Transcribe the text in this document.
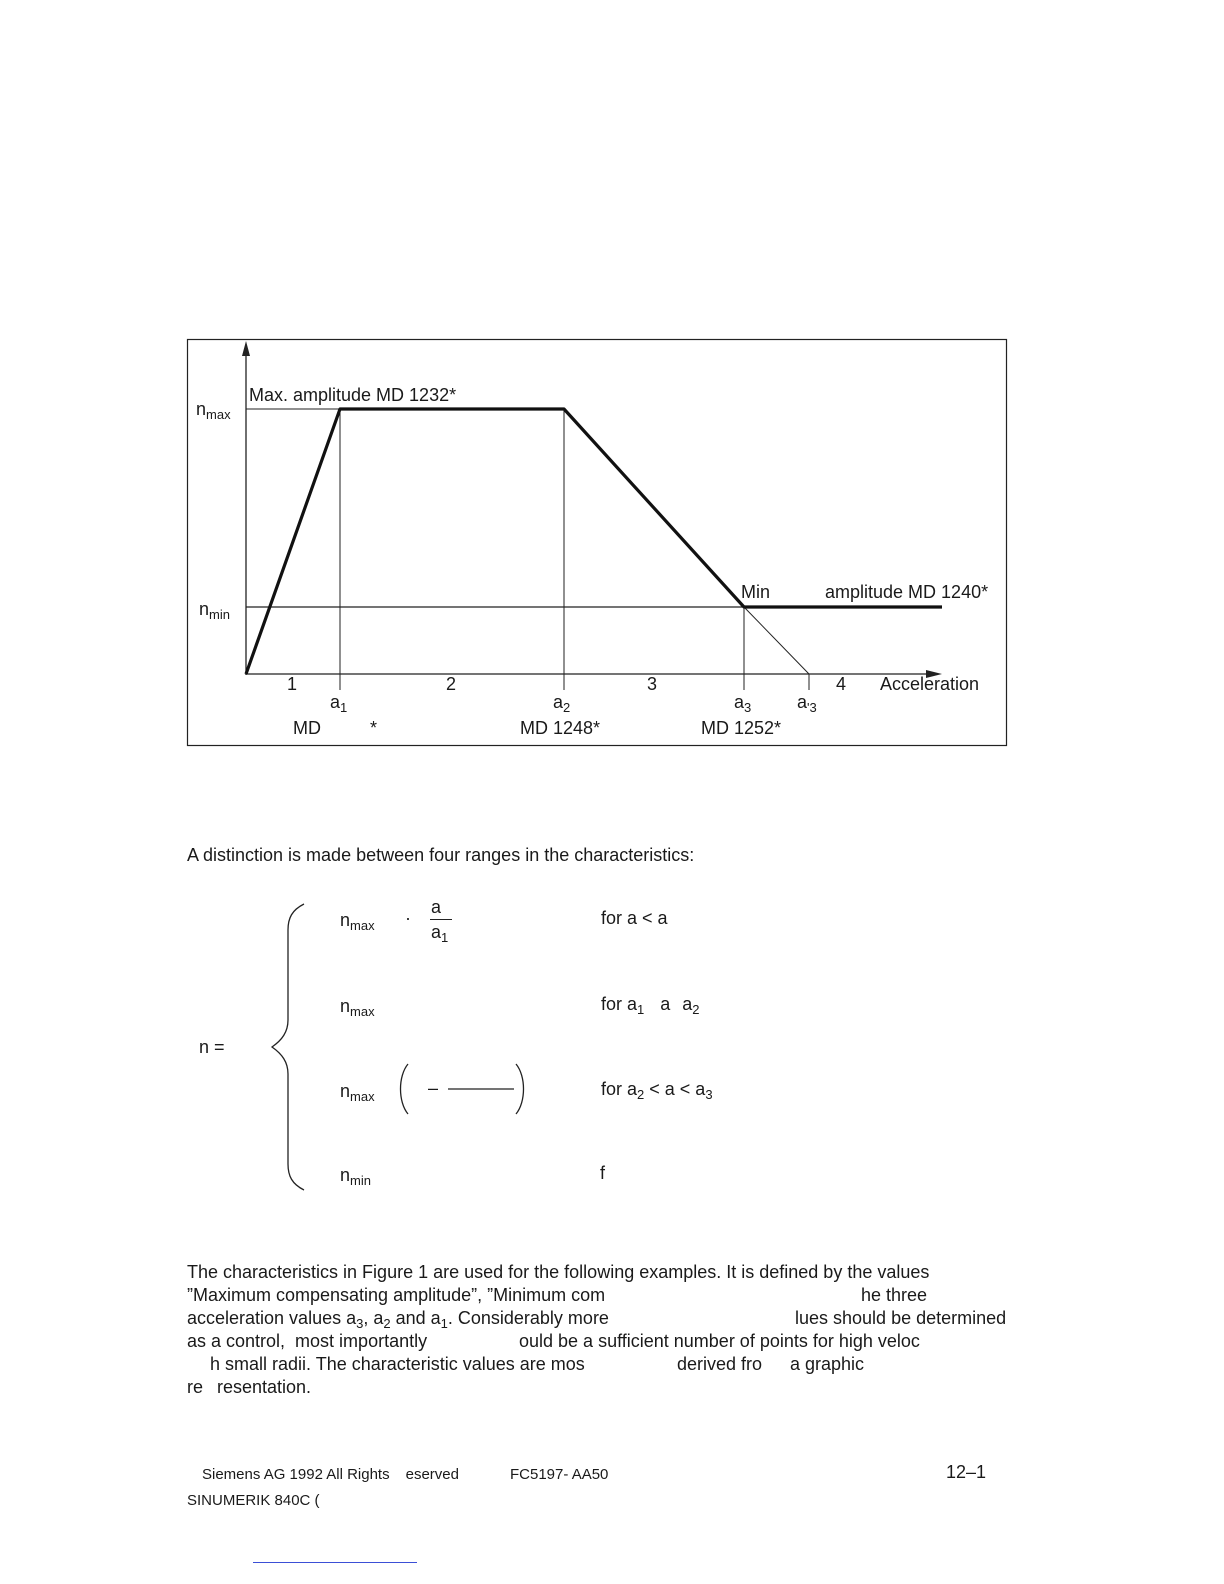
$n_{max}$
$n_{min}$
Max. amplitude MD 1232*
Min	amplitude MD 1240*
1	2	3	4 Acceleration
$a_1$	$a_2$	$a_3$	$a_{'3}$
MD	*	MD 1248*	MD 1252*
A distinction is made between four ranges in the characteristics:
n =
$n_{max}$ ·
a
$a_1$
for a < a
$n_{max}$	for $a_1$ a $a_2$
$n_{max}$	–	for $a_2 < a < a_3$
$n_{min}$	f
The characteristics in Figure 1 are used for the following examples. It is defined by the values
”Maximum compensating amplitude”, ”Minimum com	he three
acceleration values $a_3$, $a_2$ and $a_1$. Considerably more	lues should be determined
as a control,  most importantly	ould be a sufficient number of points for high veloc
h small radii. The characteristic values are mos	derived fro a graphic
re resentation.
Siemens AG 1992 All Rights eserved	FC5197- AA50	12–1
SINUMERIK 840C (
